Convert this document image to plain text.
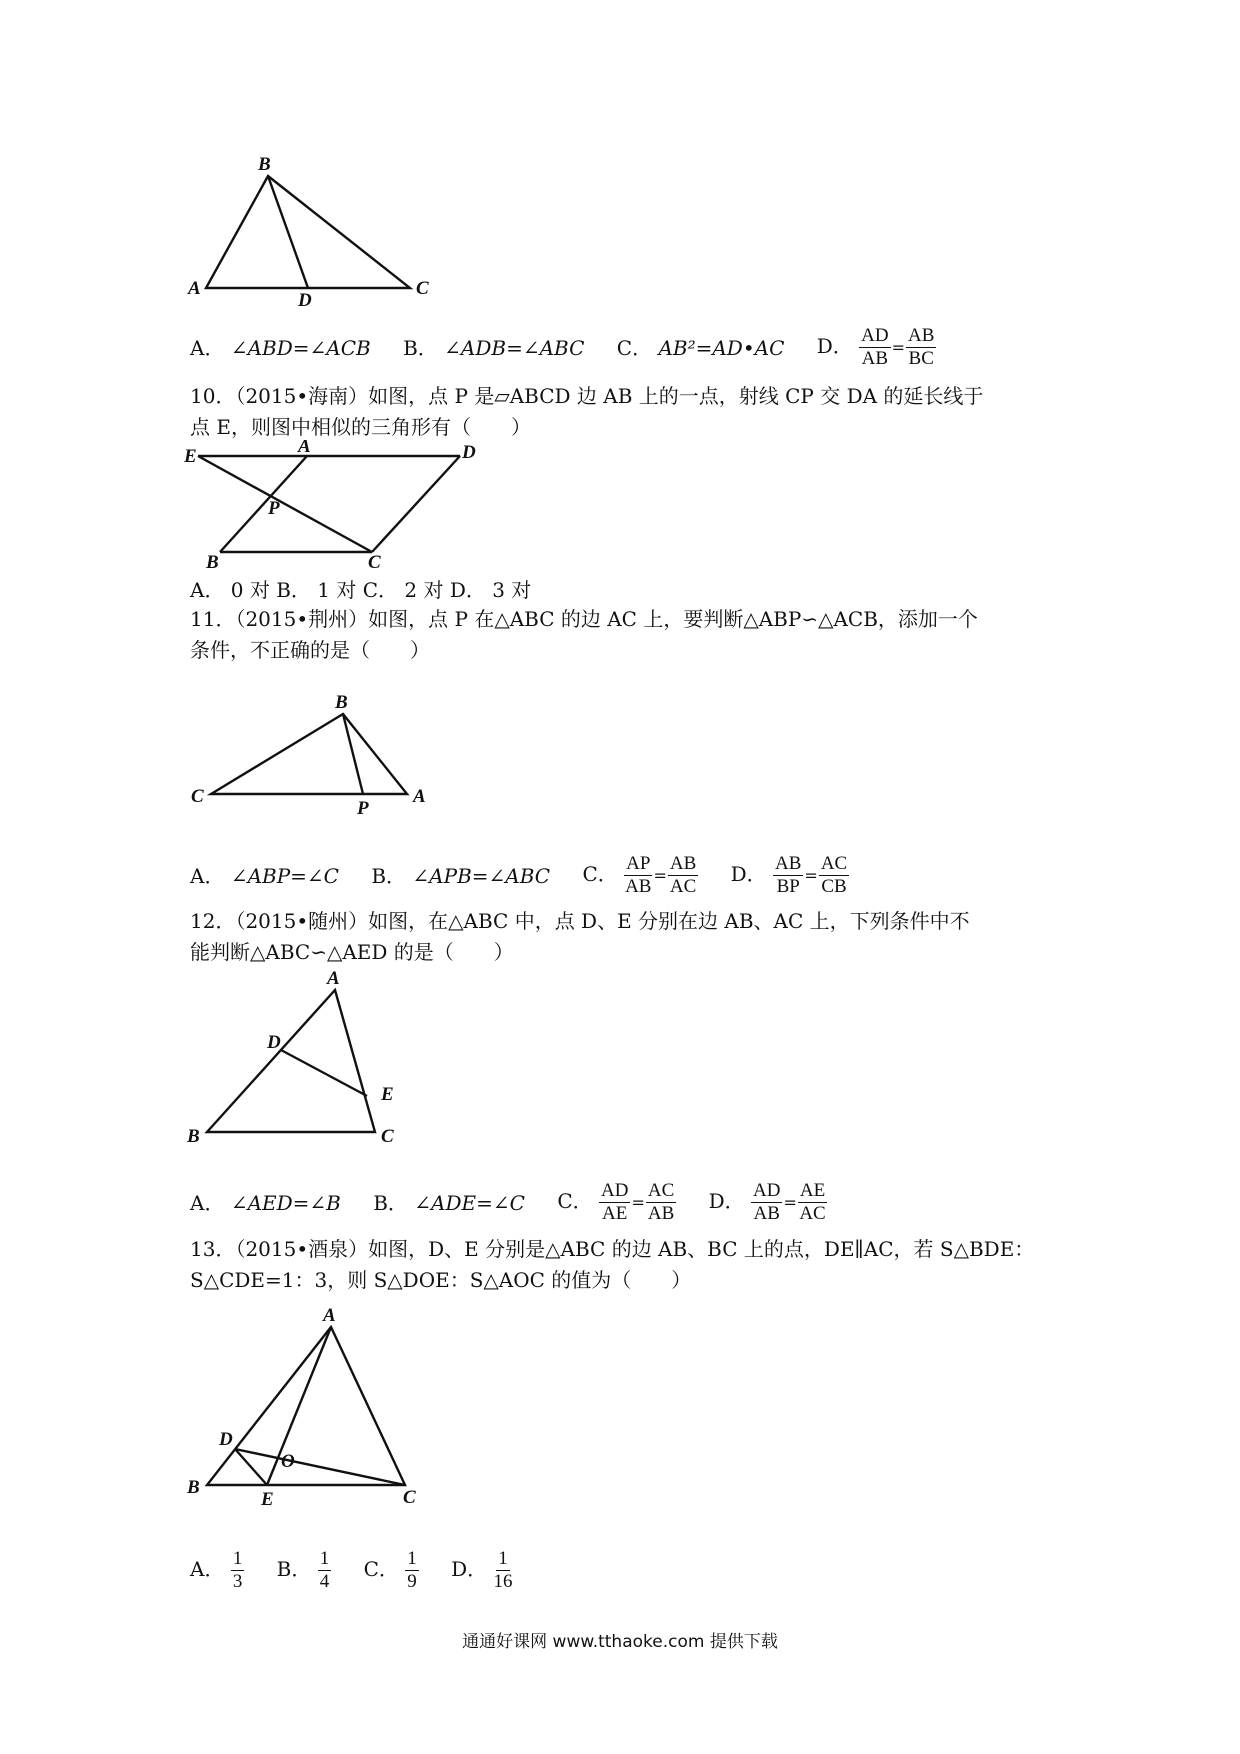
B
A
D
C
A． ∠ABD=∠ACB B． ∠ADB=∠ABC C． AB²=AD•AC D． $\frac{AD}{AB} = \frac{AB}{BC}$
10．（2015•海南）如图，点 P 是▱ABCD 边 AB 上的一点，射线 CP 交 DA 的延长线于
点 E，则图中相似的三角形有（　　）
E	A	D
P
B	C
A． 0 对 B． 1 对 C． 2 对 D． 3 对
11．（2015•荆州）如图，点 P 在△ABC 的边 AC 上，要判断△ABP∽△ACB，添加一个
条件，不正确的是（　　）
B
C
P
A
A． ∠ABP=∠C B． ∠APB=∠ABC C． $\frac{AP}{AB} = \frac{AB}{AC}$ D． $\frac{AB}{BP} = \frac{AC}{CB}$
12．（2015•随州）如图，在△ABC 中，点 D、E 分别在边 AB、AC 上，下列条件中不
能判断△ABC∽△AED 的是（　　）
A
D
E
B	C
A． ∠AED=∠B B． ∠ADE=∠C C． $\frac{AD}{AE} = \frac{AC}{AB}$ D． $\frac{AD}{AB} = \frac{AE}{AC}$
13．（2015•酒泉）如图，D、E 分别是△ABC 的边 AB、BC 上的点，DE∥AC，若 S△BDE：
S△CDE=1：3，则 S△DOE：S△AOC 的值为（　　）
A
D
O
B
E	C
A． $\frac{1}{3}$ B． $\frac{1}{4}$ C． $\frac{1}{9}$ D． $\frac{1}{16}$
通通好课网 www.tthaoke.com 提供下载
